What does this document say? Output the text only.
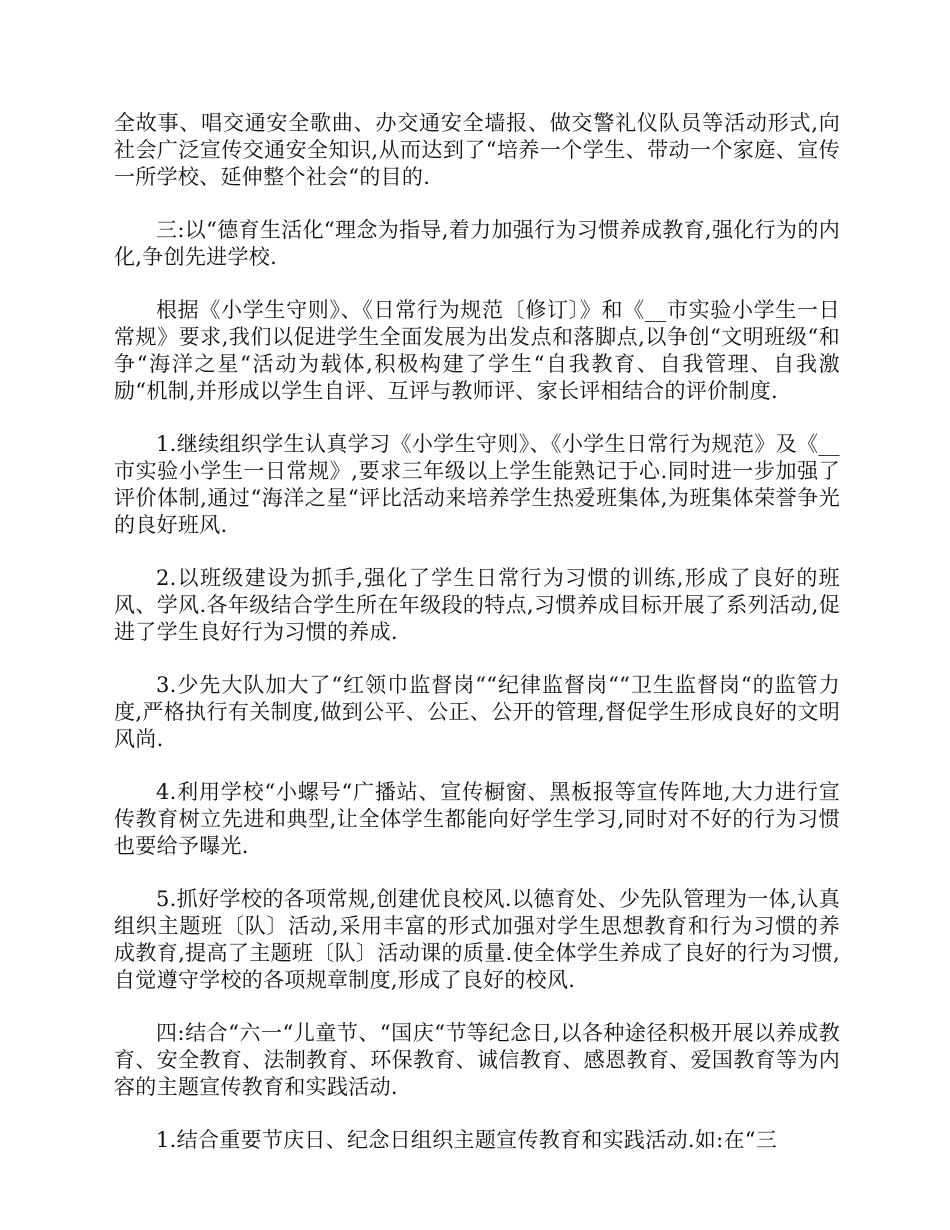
全故事、唱交通安全歌曲、办交通安全墙报、做交警礼仪队员等活动形式,向社会广泛宣传交通安全知识,从而达到了“培养一个学生、带动一个家庭、宣传一所学校、延伸整个社会“的目的.

三:以“德育生活化“理念为指导,着力加强行为习惯养成教育,强化行为的内化,争创先进学校.

根据《小学生守则》、《日常行为规范〔修订〕》和《__市实验小学生一日常规》要求,我们以促进学生全面发展为出发点和落脚点,以争创“文明班级“和争“海洋之星“活动为载体,积极构建了学生“自我教育、自我管理、自我激励“机制,并形成以学生自评、互评与教师评、家长评相结合的评价制度.

1.继续组织学生认真学习《小学生守则》、《小学生日常行为规范》及《__市实验小学生一日常规》,要求三年级以上学生能熟记于心.同时进一步加强了评价体制,通过“海洋之星“评比活动来培养学生热爱班集体,为班集体荣誉争光的良好班风.

2.以班级建设为抓手,强化了学生日常行为习惯的训练,形成了良好的班风、学风.各年级结合学生所在年级段的特点,习惯养成目标开展了系列活动,促进了学生良好行为习惯的养成.

3.少先大队加大了“红领巾监督岗““纪律监督岗““卫生监督岗“的监管力度,严格执行有关制度,做到公平、公正、公开的管理,督促学生形成良好的文明风尚.

4.利用学校“小螺号“广播站、宣传橱窗、黑板报等宣传阵地,大力进行宣传教育树立先进和典型,让全体学生都能向好学生学习,同时对不好的行为习惯也要给予曝光.

5.抓好学校的各项常规,创建优良校风.以德育处、少先队管理为一体,认真组织主题班〔队〕活动,采用丰富的形式加强对学生思想教育和行为习惯的养成教育,提高了主题班〔队〕活动课的质量.使全体学生养成了良好的行为习惯,自觉遵守学校的各项规章制度,形成了良好的校风.

四:结合“六一“儿童节、“国庆“节等纪念日,以各种途径积极开展以养成教育、安全教育、法制教育、环保教育、诚信教育、感恩教育、爱国教育等为内容的主题宣传教育和实践活动.

1.结合重要节庆日、纪念日组织主题宣传教育和实践活动.如:在“三
